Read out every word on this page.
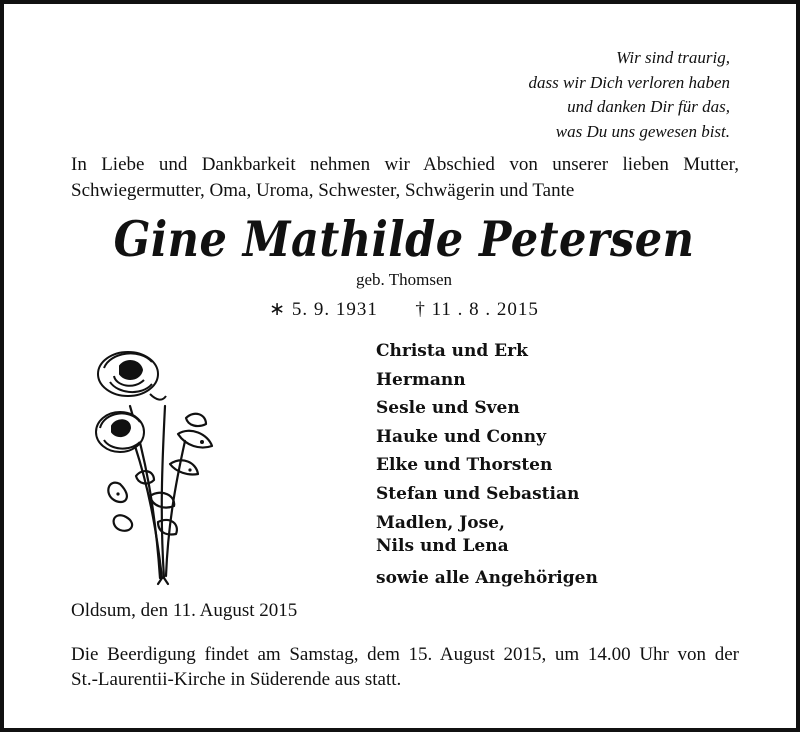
Wir sind traurig,
dass wir Dich verloren haben
und danken Dir für das,
was Du uns gewesen bist.
In Liebe und Dankbarkeit nehmen wir Abschied von unserer lieben Mutter,
Schwiegermutter, Oma, Uroma, Schwester, Schwägerin und Tante
Gine Mathilde Petersen
geb. Thomsen
∗ 5. 9. 1931 † 11 . 8 . 2015
Christa und Erk
Hermann
Sesle und Sven
Hauke und Conny
Elke und Thorsten
Stefan und Sebastian
Madlen, Jose,
Nils und Lena
sowie alle Angehörigen
Oldsum, den 11. August 2015
Die Beerdigung findet am Samstag, dem 15. August 2015, um 14.00 Uhr von der
St.-Laurentii-Kirche in Süderende aus statt.
